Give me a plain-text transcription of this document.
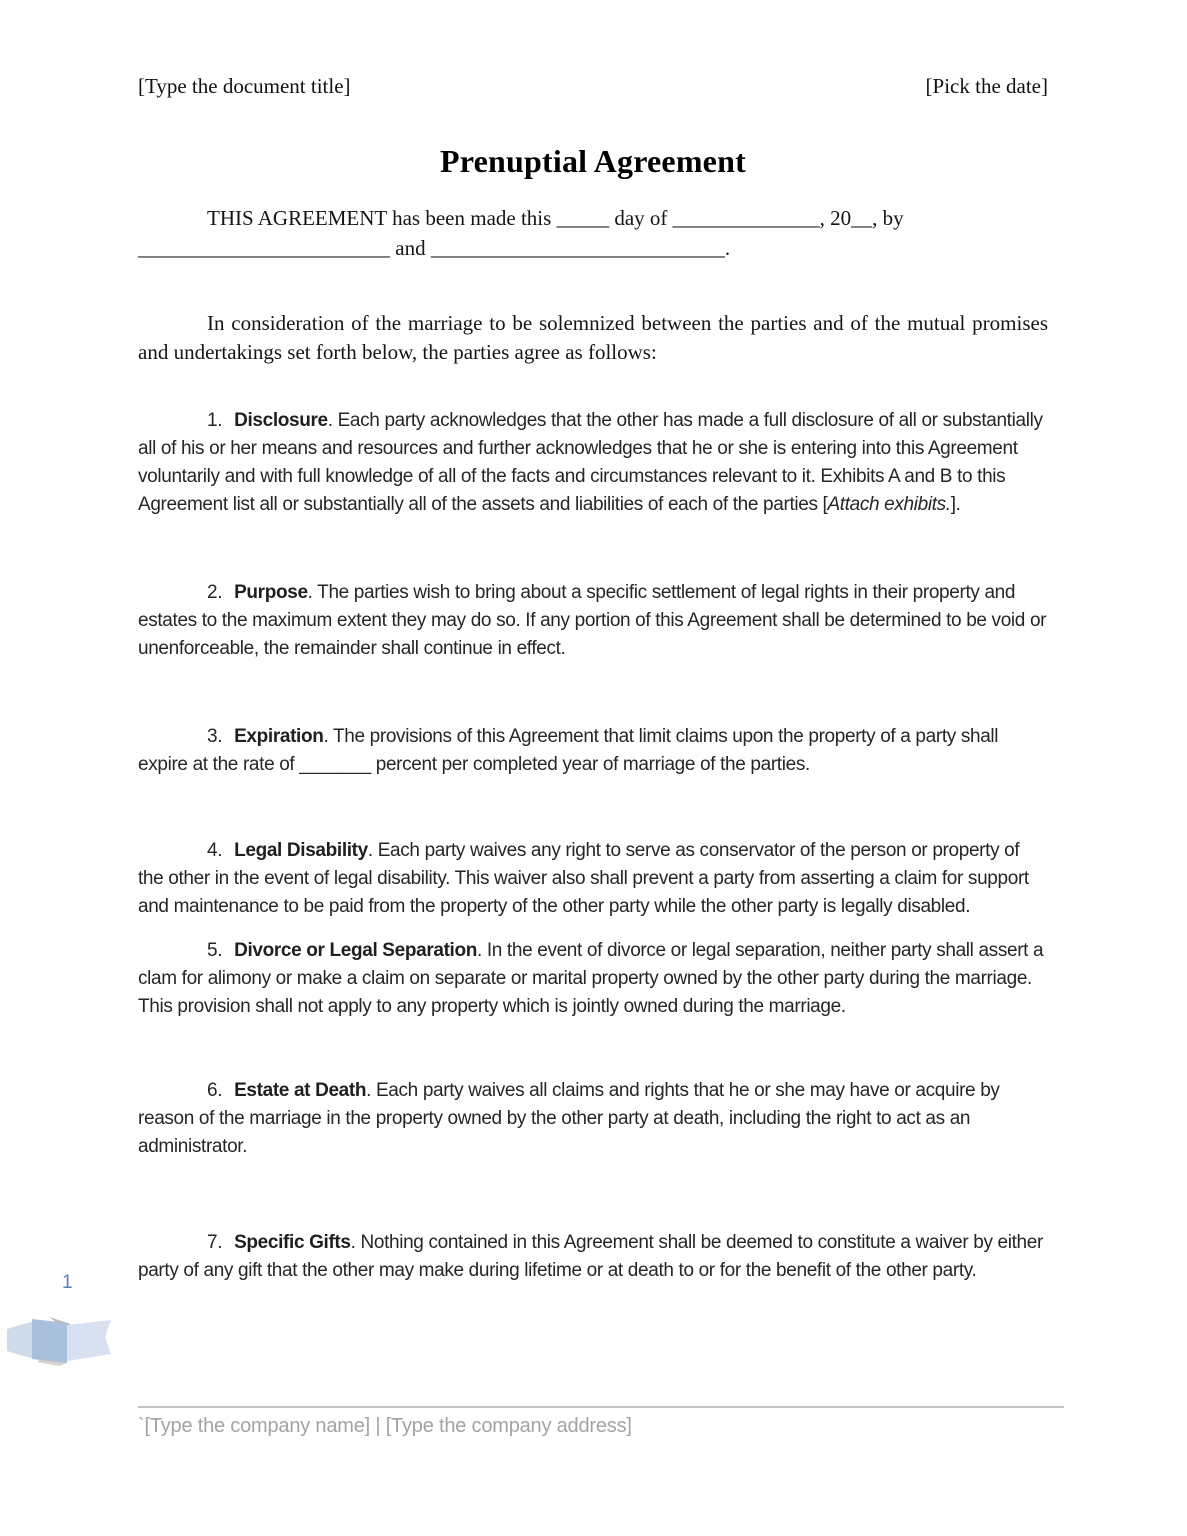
[Type the document title]	[Pick the date]
Prenuptial Agreement
THIS AGREEMENT has been made this _____ day of ______________, 20__, by
________________________ and ____________________________.
In consideration of the marriage to be solemnized between the parties and of the mutual promises and undertakings set forth below, the parties agree as follows:

1. Disclosure. Each party acknowledges that the other has made a full disclosure of all or substantially all of his or her means and resources and further acknowledges that he or she is entering into this Agreement voluntarily and with full knowledge of all of the facts and circumstances relevant to it. Exhibits A and B to this Agreement list all or substantially all of the assets and liabilities of each of the parties [Attach exhibits.].

2. Purpose. The parties wish to bring about a specific settlement of legal rights in their property and estates to the maximum extent they may do so. If any portion of this Agreement shall be determined to be void or unenforceable, the remainder shall continue in effect.

3. Expiration. The provisions of this Agreement that limit claims upon the property of a party shall expire at the rate of _______ percent per completed year of marriage of the parties.

4. Legal Disability. Each party waives any right to serve as conservator of the person or property of the other in the event of legal disability. This waiver also shall prevent a party from asserting a claim for support and maintenance to be paid from the property of the other party while the other party is legally disabled.

5. Divorce or Legal Separation. In the event of divorce or legal separation, neither party shall assert a clam for alimony or make a claim on separate or marital property owned by the other party during the marriage. This provision shall not apply to any property which is jointly owned during the marriage.

6. Estate at Death. Each party waives all claims and rights that he or she may have or acquire by reason of the marriage in the property owned by the other party at death, including the right to act as an administrator.

7. Specific Gifts. Nothing contained in this Agreement shall be deemed to constitute a waiver by either party of any gift that the other may make during lifetime or at death to or for the benefit of the other party.

1
`[Type the company name] | [Type the company address]
